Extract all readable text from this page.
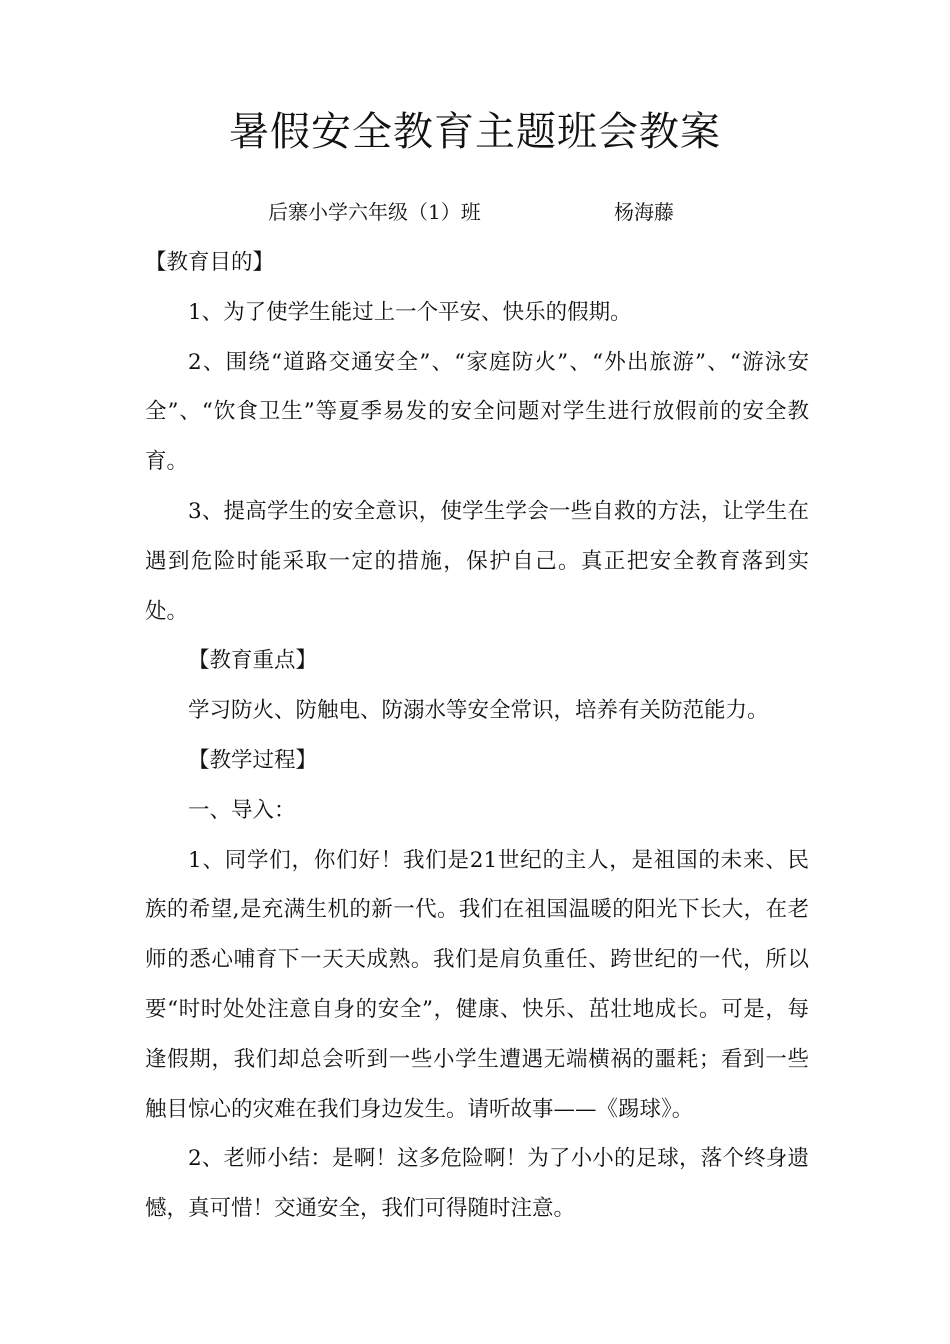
暑假安全教育主题班会教案
后寨小学六年级（1）班	杨海藤

【教育目的】

1、为了使学生能过上一个平安、快乐的假期。

2、围绕“道路交通安全”、“家庭防火”、“外出旅游”、“游泳安全”、“饮食卫生”等夏季易发的安全问题对学生进行放假前的安全教育。

3、提高学生的安全意识，使学生学会一些自救的方法，让学生在遇到危险时能采取一定的措施，保护自己。真正把安全教育落到实处。

【教育重点】

学习防火、防触电、防溺水等安全常识，培养有关防范能力。

【教学过程】

一、导入：

1、同学们，你们好！我们是21世纪的主人，是祖国的未来、民族的希望,是充满生机的新一代。我们在祖国温暖的阳光下长大，在老师的悉心哺育下一天天成熟。我们是肩负重任、跨世纪的一代，所以要“时时处处注意自身的安全”，健康、快乐、茁壮地成长。可是，每逢假期，我们却总会听到一些小学生遭遇无端横祸的噩耗；看到一些触目惊心的灾难在我们身边发生。请听故事——《踢球》。

2、老师小结：是啊！这多危险啊！为了小小的足球，落个终身遗憾，真可惜！交通安全，我们可得随时注意。
